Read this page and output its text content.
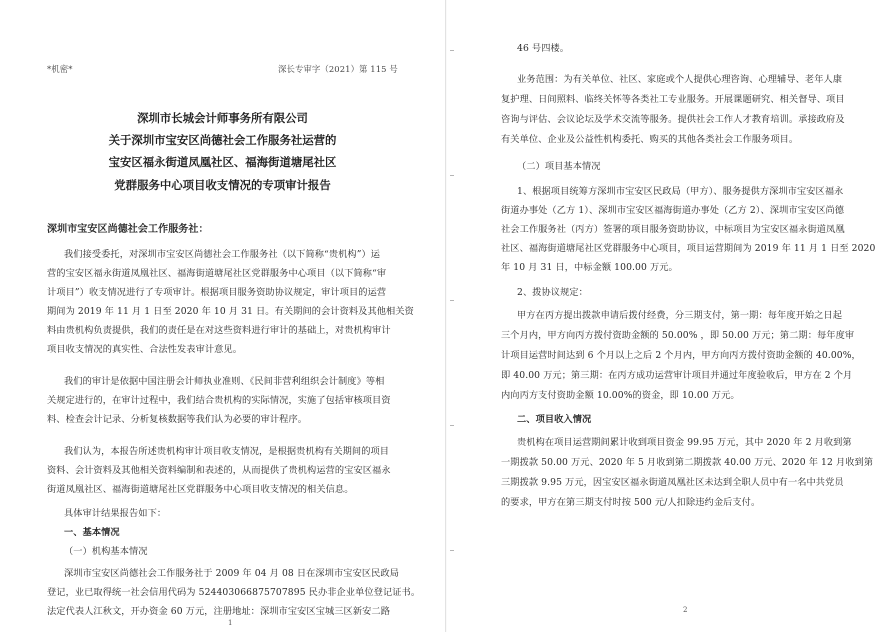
*机密*	深长专审字（2021）第 115 号

深圳市长城会计师事务所有限公司

关于深圳市宝安区尚德社会工作服务社运营的

宝安区福永街道凤凰社区、福海街道塘尾社区

党群服务中心项目收支情况的专项审计报告

深圳市宝安区尚德社会工作服务社：

我们接受委托，对深圳市宝安区尚德社会工作服务社（以下简称“贵机构”）运

营的宝安区福永街道凤凰社区、福海街道塘尾社区党群服务中心项目（以下简称“审

计项目”）收支情况进行了专项审计。根据项目服务资助协议规定，审计项目的运营

期间为 2019 年 11 月 1 日至 2020 年 10 月 31 日。有关期间的会计资料及其他相关资

料由贵机构负责提供，我们的责任是在对这些资料进行审计的基础上，对贵机构审计

项目收支情况的真实性、合法性发表审计意见。

我们的审计是依据中国注册会计师执业准则、《民间非营利组织会计制度》等相

关规定进行的，在审计过程中，我们结合贵机构的实际情况，实施了包括审核项目资

料、检查会计记录、分析复核数据等我们认为必要的审计程序。

我们认为，本报告所述贵机构审计项目收支情况，是根据贵机构有关期间的项目

资料、会计资料及其他相关资料编制和表述的，从而提供了贵机构运营的宝安区福永

街道凤凰社区、福海街道塘尾社区党群服务中心项目收支情况的相关信息。

具体审计结果报告如下：

一、基本情况

（一）机构基本情况

深圳市宝安区尚德社会工作服务社于 2009 年 04 月 08 日在深圳市宝安区民政局

登记，业已取得统一社会信用代码为 524403066875707895 民办非企业单位登记证书。

法定代表人江秋文，开办资金 60 万元，注册地址：深圳市宝安区宝城三区新安二路

1

46 号四楼。

业务范围：为有关单位、社区、家庭或个人提供心理咨询、心理辅导、老年人康

复护理、日间照料、临终关怀等各类社工专业服务。开展课题研究、相关督导、项目

咨询与评估、会议论坛及学术交流等服务。提供社会工作人才教育培训。承接政府及

有关单位、企业及公益性机构委托、购买的其他各类社会工作服务项目。

（二）项目基本情况

1、根据项目统筹方深圳市宝安区民政局（甲方）、服务提供方深圳市宝安区福永

街道办事处（乙方 1）、深圳市宝安区福海街道办事处（乙方 2）、深圳市宝安区尚德

社会工作服务社（丙方）签署的项目服务资助协议，中标项目为宝安区福永街道凤凰

社区、福海街道塘尾社区党群服务中心项目，项目运营期间为 2019 年 11 月 1 日至 2020

年 10 月 31 日，中标金额 100.00 万元。

2、拨协议规定：

甲方在丙方提出拨款申请后拨付经费，分三期支付，第一期：每年度开始之日起

三个月内，甲方向丙方拨付资助金额的 50.00% ，即 50.00 万元；第二期：每年度审

计项目运营时间达到 6 个月以上之后 2 个月内，甲方向丙方拨付资助金额的 40.00%，

即 40.00 万元；第三期：在丙方成功运营审计项目并通过年度验收后，甲方在 2 个月

内向丙方支付资助金额 10.00%的资金，即 10.00 万元。

二、项目收入情况

贵机构在项目运营期间累计收到项目资金 99.95 万元，其中 2020 年 2 月收到第

一期拨款 50.00 万元、2020 年 5 月收到第二期拨款 40.00 万元、2020 年 12 月收到第

三期拨款 9.95 万元，因宝安区福永街道凤凰社区未达到全职人员中有一名中共党员

的要求，甲方在第三期支付时按 500 元/人扣除违约金后支付。

2
